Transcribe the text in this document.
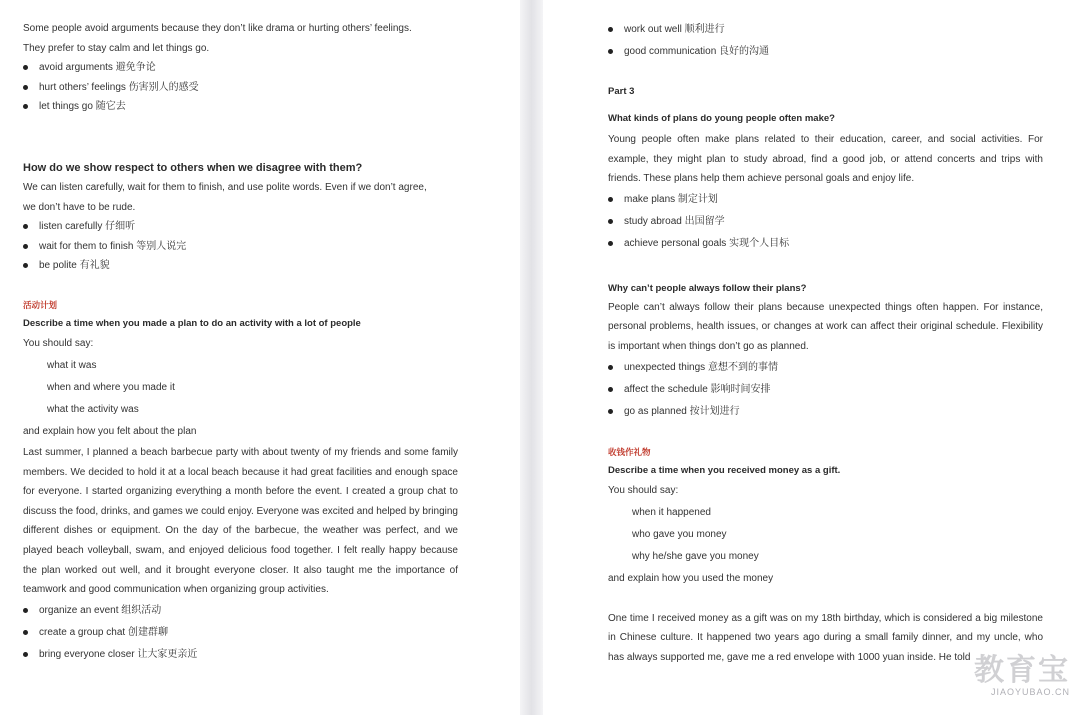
Some people avoid arguments because they don’t like drama or hurting others’ feelings.

They prefer to stay calm and let things go.

avoid arguments 避免争论
hurt others’ feelings 伤害别人的感受
let things go 随它去
How do we show respect to others when we disagree with them?

We can listen carefully, wait for them to finish, and use polite words. Even if we don’t agree,

we don’t have to be rude.

listen carefully 仔细听
wait for them to finish 等别人说完
be polite 有礼貌
活动计划
Describe a time when you made a plan to do an activity with a lot of people
You should say:
what it was
when and where you made it
what the activity was
and explain how you felt about the plan

Last summer, I planned a beach barbecue party with about twenty of my friends and some family members. We decided to hold it at a local beach because it had great facilities and enough space for everyone. I started organizing everything a month before the event. I created a group chat to discuss the food, drinks, and games we could enjoy. Everyone was excited and helped by bringing different dishes or equipment. On the day of the barbecue, the weather was perfect, and we played beach volleyball, swam, and enjoyed delicious food together. I felt really happy because the plan worked out well, and it brought everyone closer. It also taught me the importance of teamwork and good communication when organizing group activities.

organize an event 组织活动
create a group chat 创建群聊
bring everyone closer 让大家更亲近
work out well 顺利进行
good communication 良好的沟通
Part 3
What kinds of plans do young people often make?

Young people often make plans related to their education, career, and social activities. For example, they might plan to study abroad, find a good job, or attend concerts and trips with friends. These plans help them achieve personal goals and enjoy life.

make plans 制定计划
study abroad 出国留学
achieve personal goals 实现个人目标
Why can’t people always follow their plans?

People can’t always follow their plans because unexpected things often happen. For instance, personal problems, health issues, or changes at work can affect their original schedule. Flexibility is important when things don’t go as planned.

unexpected things 意想不到的事情
affect the schedule 影响时间安排
go as planned 按计划进行
收钱作礼物
Describe a time when you received money as a gift.
You should say:
when it happened
who gave you money
why he/she gave you money
and explain how you used the money

One time I received money as a gift was on my 18th birthday, which is considered a big milestone in Chinese culture. It happened two years ago during a small family dinner, and my uncle, who has always supported me, gave me a red envelope with 1000 yuan inside. He told 教育宝
JIAOYUBAO.CN
